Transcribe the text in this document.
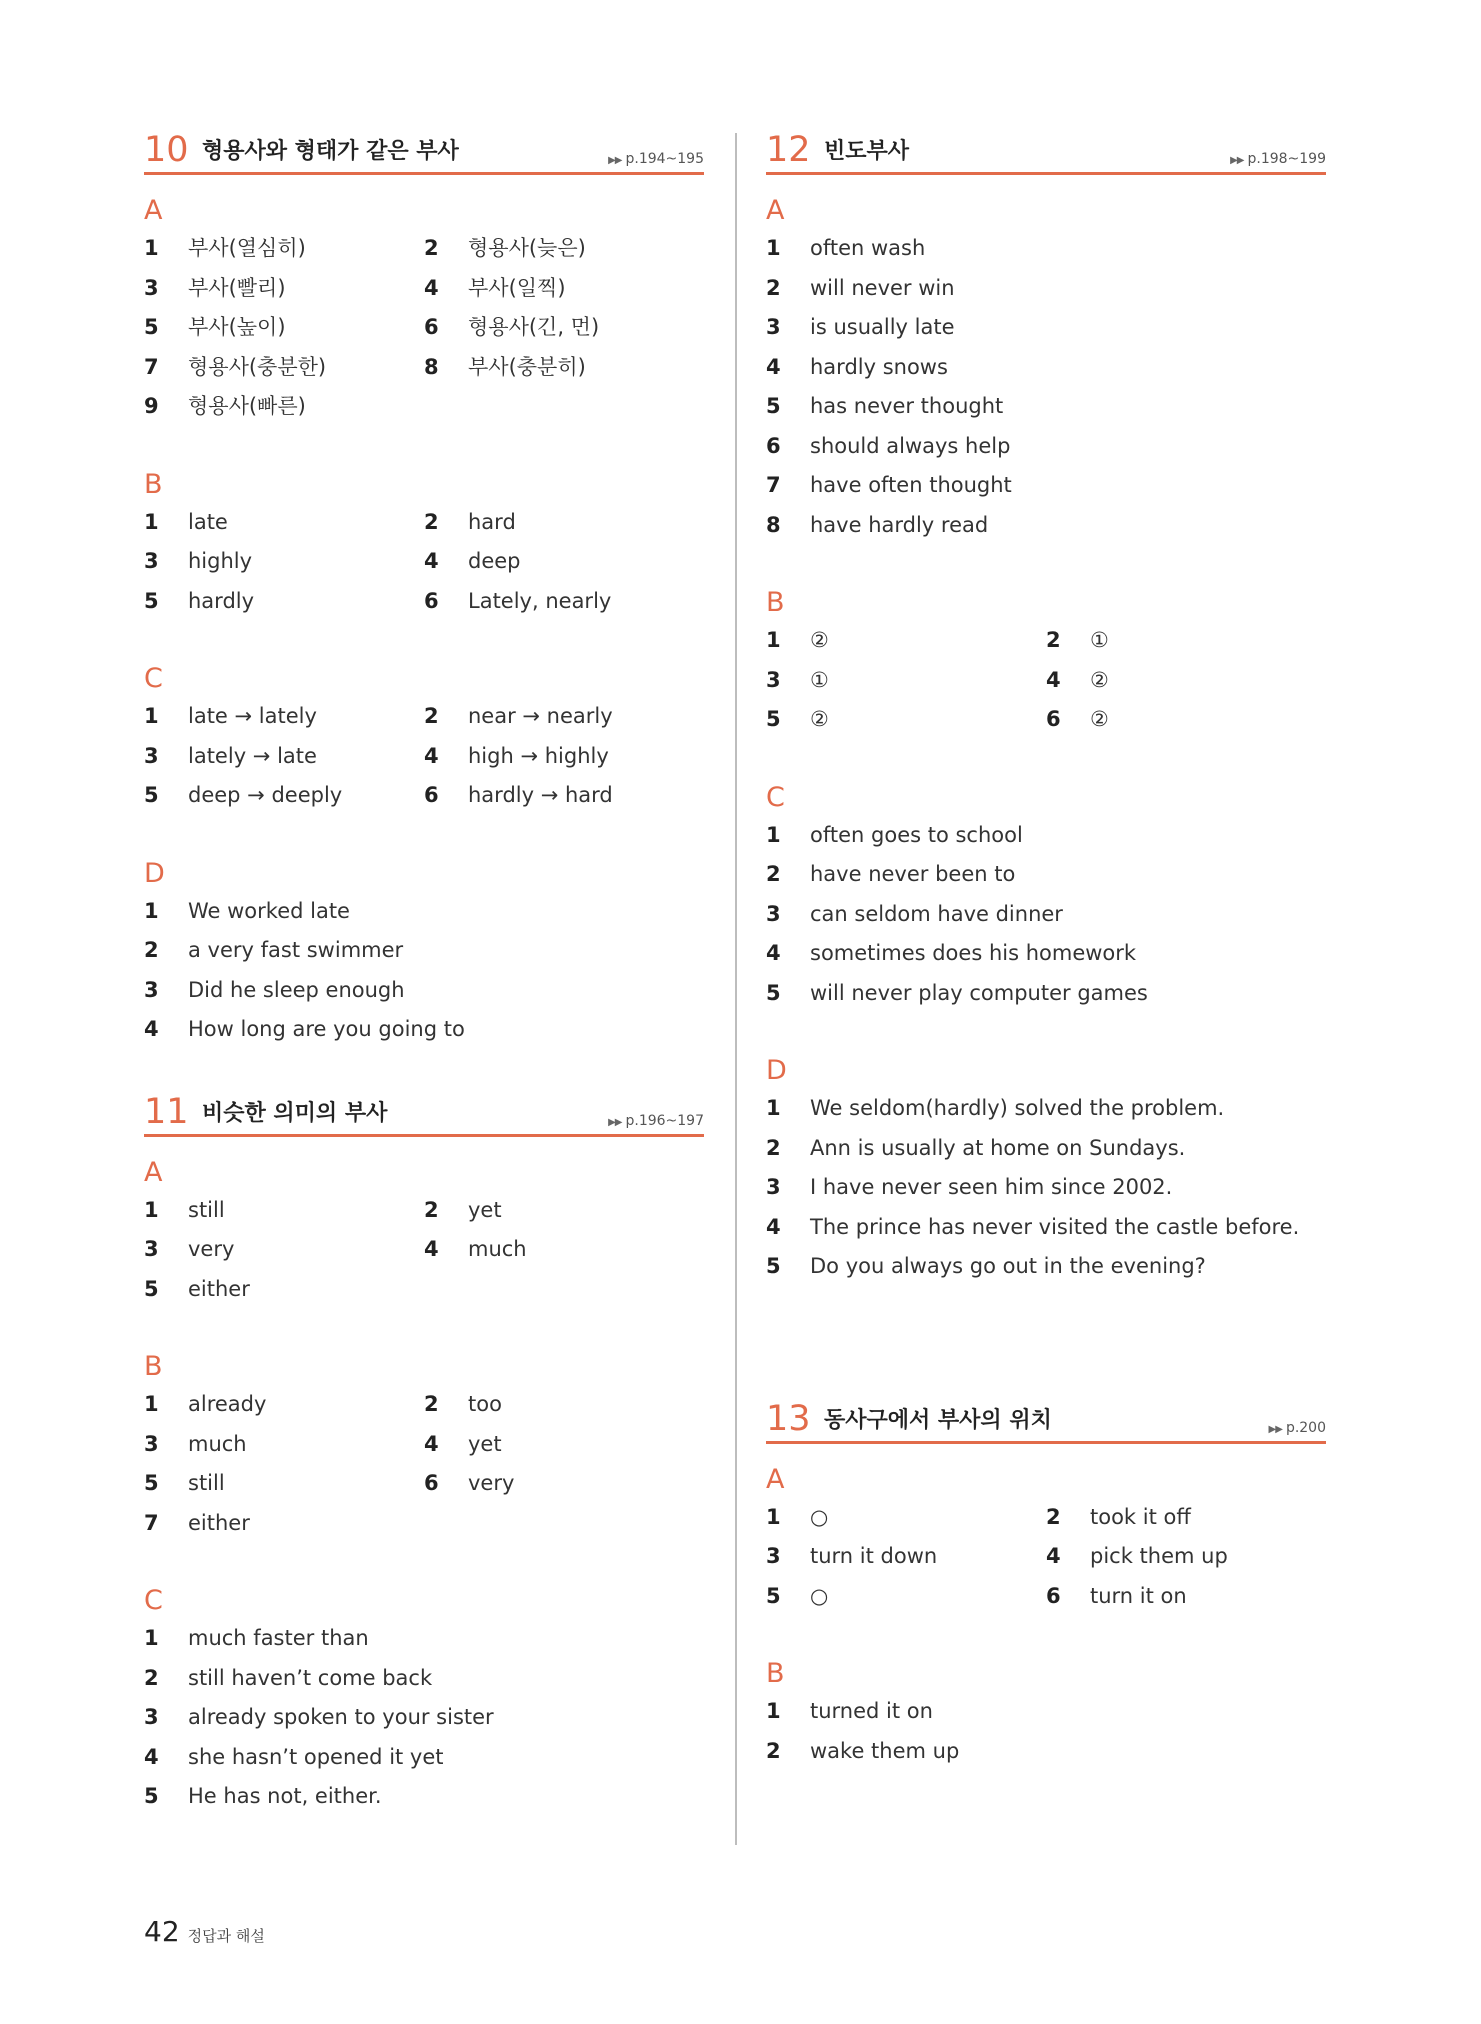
10 형용사와 형태가 같은 부사	▶▶ p.194~195
A
1	부사(열심히)	2	형용사(늦은)
3	부사(빨리)	4	부사(일찍)
5	부사(높이)	6	형용사(긴, 먼)
7	형용사(충분한)	8	부사(충분히)
9	형용사(빠른)
B
1	late	2	hard
3	highly	4	deep
5	hardly	6	Lately, nearly
C
1	late → lately	2	near → nearly
3	lately → late	4	high → highly
5	deep → deeply	6	hardly → hard
D
1	We worked late
2	a very fast swimmer
3	Did he sleep enough
4	How long are you going to
11 비슷한 의미의 부사	▶▶ p.196~197
A
1	still	2	yet
3	very	4	much
5	either
B
1	already	2	too
3	much	4	yet
5	still	6	very
7	either
C
1	much faster than
2	still haven’t come back
3	already spoken to your sister
4	she hasn’t opened it yet
5	He has not, either.
12 빈도부사	▶▶ p.198~199
A
1	often wash
2	will never win
3	is usually late
4	hardly snows
5	has never thought
6	should always help
7	have often thought
8	have hardly read
B
1	②	2	①
3	①	4	②
5	②	6	②
C
1	often goes to school
2	have never been to
3	can seldom have dinner
4	sometimes does his homework
5	will never play computer games
D
1	We seldom(hardly) solved the problem.
2	Ann is usually at home on Sundays.
3	I have never seen him since 2002.
4	The prince has never visited the castle before.
5	Do you always go out in the evening?
13 동사구에서 부사의 위치	▶▶ p.200
A
1	○	2	took it off
3	turn it down	4	pick them up
5	○	6	turn it on
B
1	turned it on
2	wake them up
42 정답과 해설
